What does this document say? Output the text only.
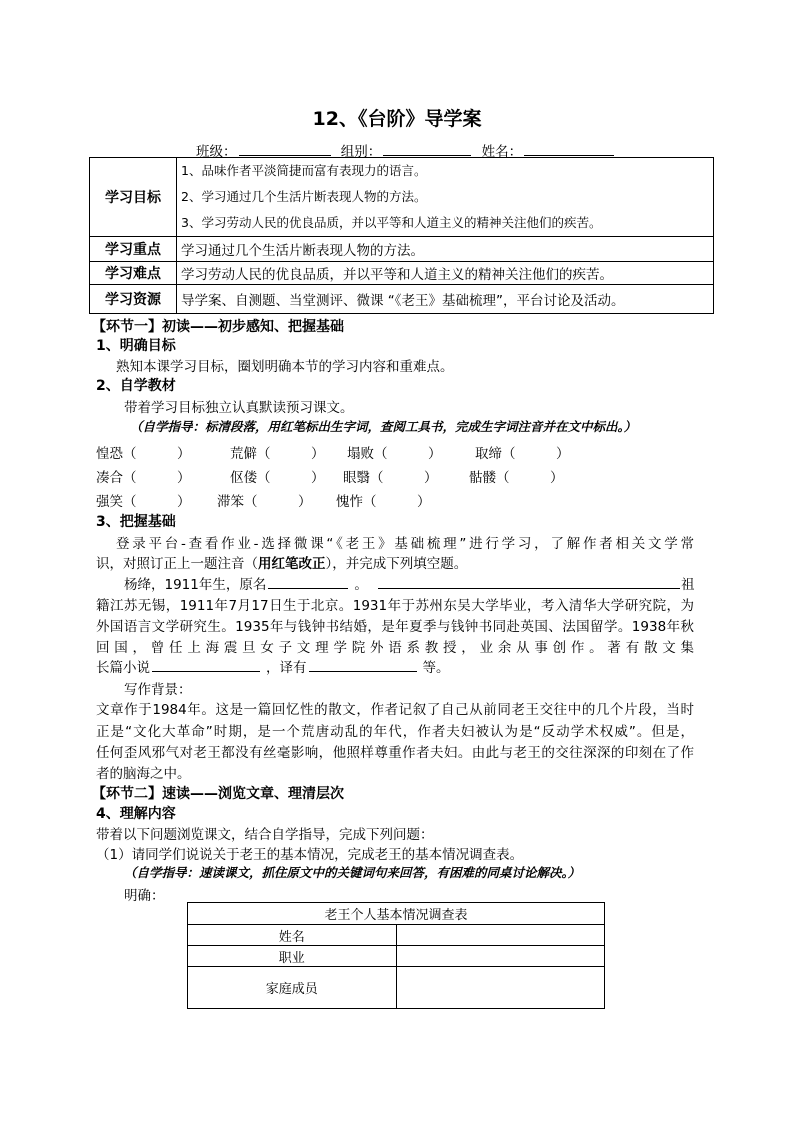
12、《台阶》导学案
班级：	组别：	姓名：
学习目标	1、品味作者平淡简捷而富有表现力的语言。
2、学习通过几个生活片断表现人物的方法。
3、学习劳动人民的优良品质，并以平等和人道主义的精神关注他们的疾苦。

学习重点	学习通过几个生活片断表现人物的方法。
学习难点	学习劳动人民的优良品质，并以平等和人道主义的精神关注他们的疾苦。
学习资源	导学案、自测题、当堂测评、微课 “《老王》基础梳理”，平台讨论及活动。
【环节一】初读——初步感知、把握基础
1、明确目标
熟知本课学习目标，圈划明确本节的学习内容和重难点。
2、自学教材
带着学习目标独立认真默读预习课文。
（自学指导：标清段落，用红笔标出生字词，查阅工具书，完成生字词注音并在文中标出。）
惶恐（　　　）	荒僻（　　　） 塌败（　　　） 取缔（　　　）
凑合（　　　）	伛偻（　　　） 眼翳（　　　） 骷髅（　　　）
强笑（　　　） 滞笨（　　　） 愧怍（　　　）
3、把握基础
登录平台-查看作业-选择微课“《老王》基础梳理”进行学习，了解作者相关文学常
识，对照订正上一题注音（用红笔改正），并完成下列填空题。
杨绛，1911年生，原名	。	祖
籍江苏无锡，1911年7月17日生于北京。1931年于苏州东吴大学毕业，考入清华大学研究院，为
外国语言文学研究生。1935年与钱钟书结婚，是年夏季与钱钟书同赴英国、法国留学。1938年秋
回国，曾任上海震旦女子文理学院外语系教授，业余从事创作。著有散文集
长篇小说	，译有	等。
写作背景：
文章作于1984年。这是一篇回忆性的散文，作者记叙了自己从前同老王交往中的几个片段，当时
正是“文化大革命”时期，是一个荒唐动乱的年代，作者夫妇被认为是“反动学术权威”。但是，
任何歪风邪气对老王都没有丝毫影响，他照样尊重作者夫妇。由此与老王的交往深深的印刻在了作
者的脑海之中。
【环节二】速读——浏览文章、理清层次
4、理解内容
带着以下问题浏览课文，结合自学指导，完成下列问题：
（1）请同学们说说关于老王的基本情况，完成老王的基本情况调查表。
（自学指导：速读课文，抓住原文中的关键词句来回答，有困难的同桌讨论解决。）
明确：
老王个人基本情况调查表	
姓名	
职业	
家庭成员	
